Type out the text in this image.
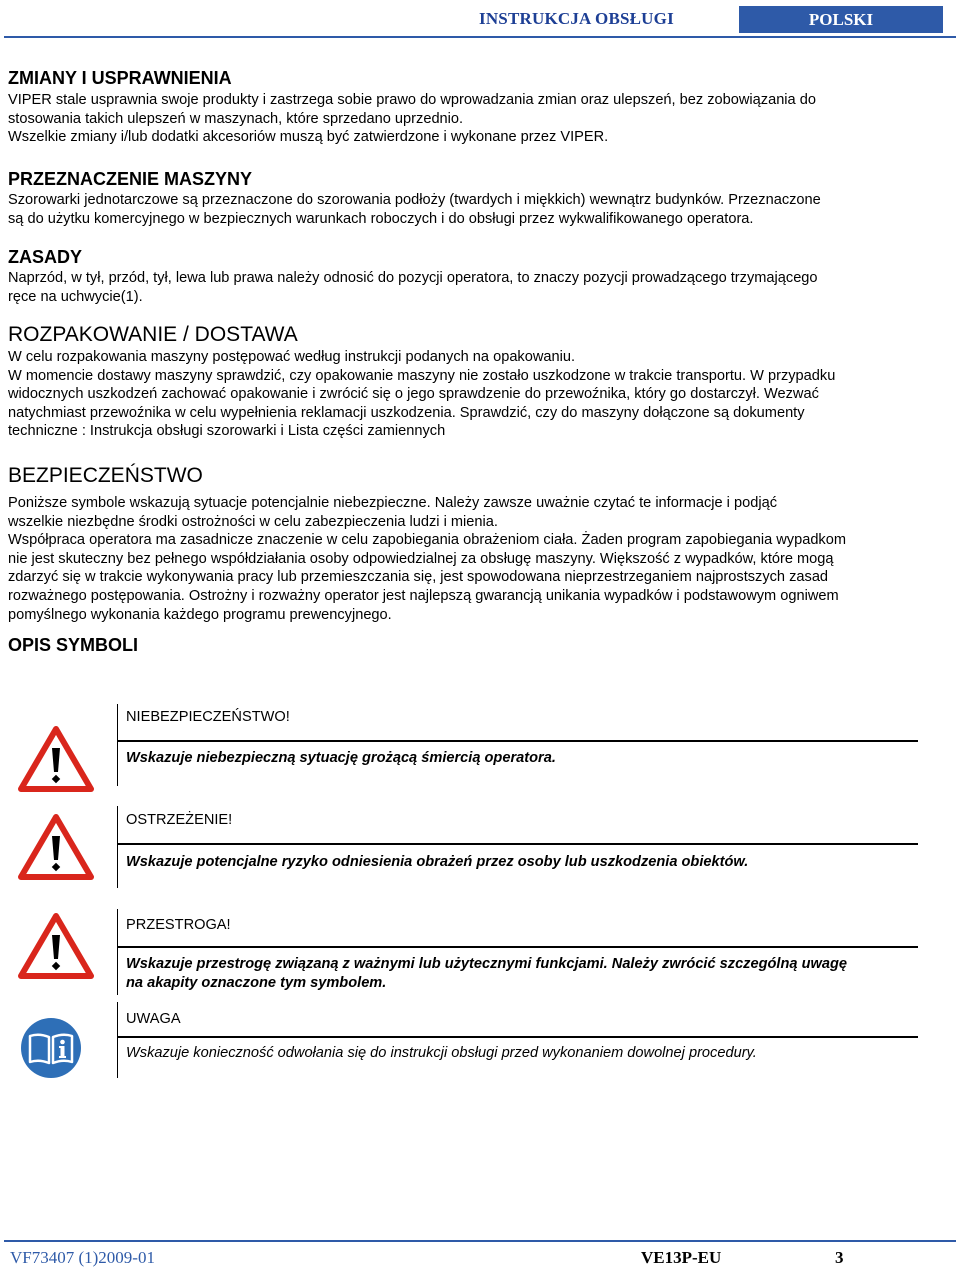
INSTRUKCJA OBSŁUGI	POLSKI
ZMIANY I USPRAWNIENIA
VIPER stale usprawnia swoje produkty i zastrzega sobie prawo do wprowadzania zmian oraz ulepszeń, bez zobowiązania do
stosowania takich ulepszeń w maszynach, które sprzedano uprzednio.
Wszelkie zmiany i/lub dodatki akcesoriów muszą być zatwierdzone i wykonane przez VIPER.
PRZEZNACZENIE MASZYNY
Szorowarki jednotarczowe są przeznaczone do szorowania podłoży (twardych i miękkich) wewnątrz budynków. Przeznaczone
są do użytku komercyjnego w bezpiecznych warunkach roboczych i do obsługi przez wykwalifikowanego operatora.
ZASADY
Naprzód, w tył, przód, tył, lewa lub prawa należy odnosić do pozycji operatora, to znaczy pozycji prowadzącego trzymającego
ręce na uchwycie(1).
ROZPAKOWANIE / DOSTAWA
W celu rozpakowania maszyny postępować według instrukcji podanych na opakowaniu.
W momencie dostawy maszyny sprawdzić, czy opakowanie maszyny nie zostało uszkodzone w trakcie transportu. W przypadku
widocznych uszkodzeń zachować opakowanie i zwrócić się o jego sprawdzenie do przewoźnika, który go dostarczył. Wezwać
natychmiast przewoźnika w celu wypełnienia reklamacji uszkodzenia. Sprawdzić, czy do maszyny dołączone są dokumenty
techniczne : Instrukcja obsługi szorowarki i Lista części zamiennych
BEZPIECZEŃSTWO
Poniższe symbole wskazują sytuacje potencjalnie niebezpieczne. Należy zawsze uważnie czytać te informacje i podjąć
wszelkie niezbędne środki ostrożności w celu zabezpieczenia ludzi i mienia.
Współpraca operatora ma zasadnicze znaczenie w celu zapobiegania obrażeniom ciała. Żaden program zapobiegania wypadkom
nie jest skuteczny bez pełnego współdziałania osoby odpowiedzialnej za obsługę maszyny. Większość z wypadków, które mogą
zdarzyć się w trakcie wykonywania pracy lub przemieszczania się, jest spowodowana nieprzestrzeganiem najprostszych zasad
rozważnego postępowania. Ostrożny i rozważny operator jest najlepszą gwarancją unikania wypadków i podstawowym ogniwem
pomyślnego wykonania każdego programu prewencyjnego.
OPIS SYMBOLI
NIEBEZPIECZEŃSTWO!
Wskazuje niebezpieczną sytuację grożącą śmiercią operatora.
OSTRZEŻENIE!
Wskazuje potencjalne ryzyko odniesienia obrażeń przez osoby lub uszkodzenia obiektów.
PRZESTROGA!
Wskazuje przestrogę związaną z ważnymi lub użytecznymi funkcjami. Należy zwrócić szczególną uwagę
na akapity oznaczone tym symbolem.
UWAGA
Wskazuje konieczność odwołania się do instrukcji obsługi przed wykonaniem dowolnej procedury.
VF73407 (1)2009-01	VE13P-EU	3
